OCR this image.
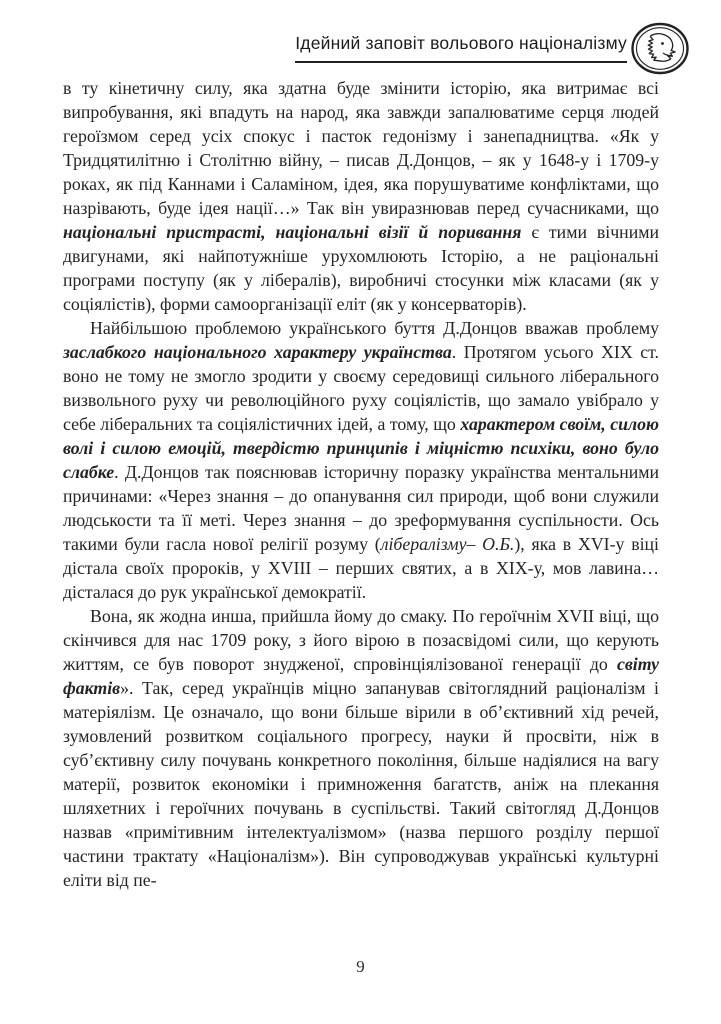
Ідейний заповіт вольового націоналізму

в ту кінетичну силу, яка здатна буде змінити історію, яка витримає всі випробування, які впадуть на народ, яка завжди запалюватиме серця людей героїзмом серед усіх спокус і пасток гедонізму і занепадництва. «Як у Тридцятилітню і Столітню війну, – писав Д.Донцов, – як у 1648-у і 1709-у роках, як під Каннами і Саламіном, ідея, яка порушуватиме конфліктами, що назрівають, буде ідея нації…» Так він увиразнював перед сучасниками, що національні пристрасті, національні візії й поривання є тими вічними двигунами, які найпотужніше урухомлюють Історію, а не раціональні програми поступу (як у лібералів), виробничі стосунки між класами (як у соціялістів), форми самоорганізації еліт (як у консерваторів).

Найбільшою проблемою українського буття Д.Донцов вважав проблему заслабкого національного характеру українства. Протягом усього XIX ст. воно не тому не змогло зродити у своєму середовищі сильного ліберального визвольного руху чи революційного руху соціялістів, що замало увібрало у себе ліберальних та соціялістичних ідей, а тому, що характером своїм, силою волі і силою емоцій, твердістю принципів і міцністю психіки, воно було слабке. Д.Донцов так пояснював історичну поразку українства ментальними причинами: «Через знання – до опанування сил природи, щоб вони служили людськости та її меті. Через знання – до зреформування суспільности. Ось такими були гасла нової релігії розуму (лібералізму– О.Б.), яка в XVI-у віці дістала своїх пророків, у XVIII – перших святих, а в XIX-у, мов лавина… дісталася до рук української демократії.

Вона, як жодна инша, прийшла йому до смаку. По героїчнім XVII віці, що скінчився для нас 1709 року, з його вірою в позасвідомі сили, що керують життям, се був поворот знудженої, спровінціялізованої генерації до світу фактів». Так, серед українців міцно запанував світоглядний раціоналізм і матеріялізм. Це означало, що вони більше вірили в об’єктивний хід речей, зумовлений розвитком соціального прогресу, науки й просвіти, ніж в суб’єктивну силу почувань конкретного покоління, більше надіялися на вагу матерії, розвиток економіки і примноження багатств, аніж на плекання шляхетних і героїчних почувань в суспільстві. Такий світогляд Д.Донцов назвав «примітивним інтелектуалізмом» (назва першого розділу першої частини трактату «Націоналізм»). Він супроводжував українські культурні еліти від пе-

9
